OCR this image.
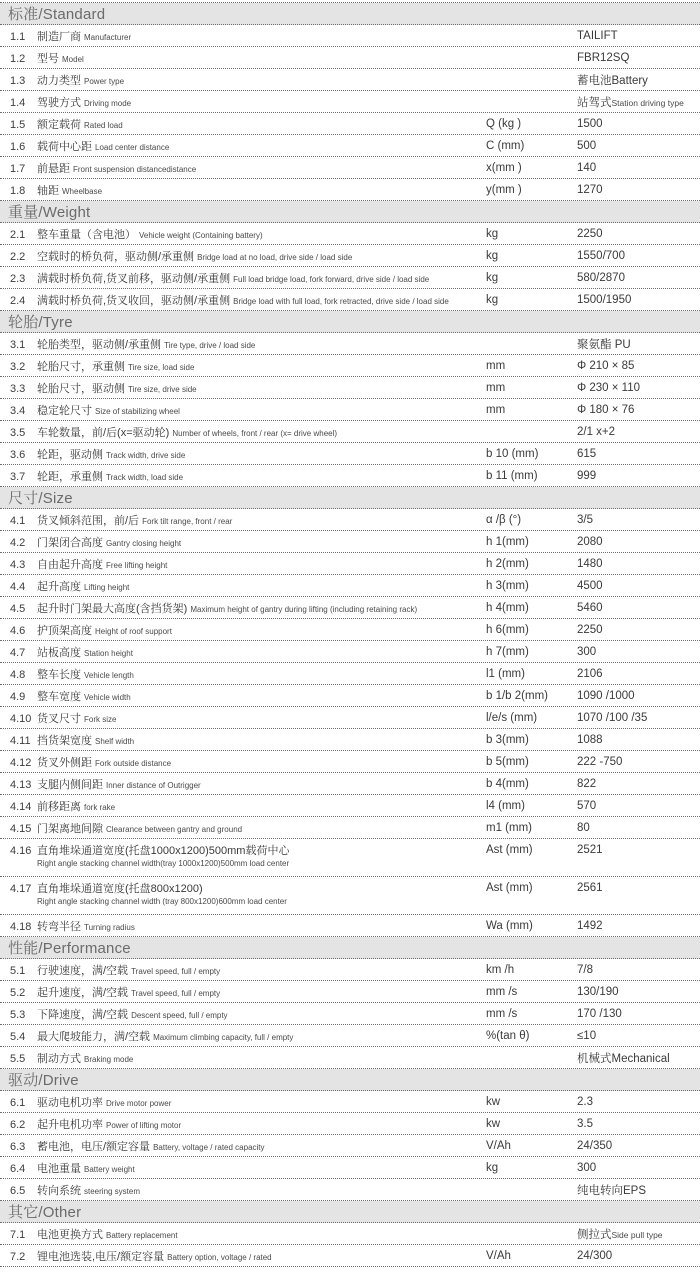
标准/Standard
1.1	制造厂商 Manufacturer	TAILIFT
1.2	型号 Model	FBR12SQ
1.3	动力类型 Power type	蓄电池Battery
1.4	驾驶方式 Driving mode	站驾式 Station driving type
1.5	额定载荷 Rated load	Q (kg )	1500
1.6	载荷中心距 Load center distance	C (mm)	500
1.7	前悬距 Front suspension distancedistance	x(mm )	140
1.8	轴距 Wheelbase	y(mm )	1270
重量/Weight
2.1	整车重量（含电池） Vehicle weight (Containing battery)	kg	2250
2.2	空载时的桥负荷，驱动侧/承重侧 Bridge load at no load, drive side / load side	kg	1550/700
2.3	满载时桥负荷,货叉前移，驱动侧/承重侧 Full load bridge load, fork forward, drive side / load side	kg	580/2870
2.4	满载时桥负荷,货叉收回，驱动侧/承重侧 Bridge load with full load, fork retracted, drive side / load side	kg	1500/1950
轮胎/Tyre
3.1	轮胎类型，驱动侧/承重侧 Tire type, drive / load side	聚氨酯 PU
3.2	轮胎尺寸，承重侧 Tire size, load side	mm	Φ 210 × 85
3.3	轮胎尺寸，驱动侧 Tire size, drive side	mm	Φ 230 × 110
3.4	稳定轮尺寸 Size of stabilizing wheel	mm	Φ 180 × 76
3.5	车轮数量，前/后(x=驱动轮) Number of wheels, front / rear (x= drive wheel)	2/1 x+2
3.6	轮距，驱动侧 Track width, drive side	b 10 (mm)	615
3.7	轮距，承重侧 Track width, load side	b 11 (mm)	999
尺寸/Size
4.1	货叉倾斜范围，前/后 Fork tilt range, front / rear	α /β (°)	3/5
4.2	门架闭合高度 Gantry closing height	h 1(mm)	2080
4.3	自由起升高度 Free lifting height	h 2(mm)	1480
4.4	起升高度 Lifting height	h 3(mm)	4500
4.5	起升时门架最大高度(含挡货架) Maximum height of gantry during lifting (including retaining rack)	h 4(mm)	5460
4.6	护顶架高度 Height of roof support	h 6(mm)	2250
4.7	站板高度 Station height	h 7(mm)	300
4.8	整车长度 Vehicle length	l1 (mm)	2106
4.9	整车宽度 Vehicle width	b 1/b 2(mm)	1090 /1000
4.10 货叉尺寸 Fork size	l/e/s (mm)	1070 /100 /35
4.11 挡货架宽度 Shelf width	b 3(mm)	1088
4.12 货叉外侧距 Fork outside distance	b 5(mm)	222 -750
4.13 支腿内侧间距 Inner distance of Outrigger	b 4(mm)	822
4.14 前移距离 fork rake	l4 (mm)	570
4.15 门架离地间隙 Clearance between gantry and ground	m1 (mm)	80
4.16 直角堆垛通道宽度(托盘1000x1200)500mm载荷中心
Right angle stacking channel width(tray 1000x1200)500mm load center
Ast (mm)	2521
4.17 直角堆垛通道宽度(托盘800x1200)
Right angle stacking channel width (tray 800x1200)600mm load center
Ast (mm)	2561
4.18 转弯半径 Turning radius	Wa (mm)	1492
性能/Performance
5.1	行驶速度，满/空载 Travel speed, full / empty	km /h	7/8
5.2	起升速度，满/空载 Travel speed, full / empty	mm /s	130/190
5.3	下降速度，满/空载 Descent speed, full / empty	mm /s	170 /130
5.4	最大爬坡能力，满/空载 Maximum climbing capacity, full / empty	%(tan θ)	≤10
5.5	制动方式 Braking mode	机械式Mechanical
驱动/Drive
6.1	驱动电机功率 Drive motor power	kw	2.3
6.2	起升电机功率 Power of lifting motor	kw	3.5
6.3	蓄电池，电压/额定容量 Battery, voltage / rated capacity	V/Ah	24/350
6.4	电池重量 Battery weight	kg	300
6.5	转向系统 steering system	纯电转向EPS
其它/Other
7.1	电池更换方式 Battery replacement	侧拉式 Side pull type
7.2	锂电池选装,电压/额定容量 Battery option, voltage / rated	V/Ah	24/300
